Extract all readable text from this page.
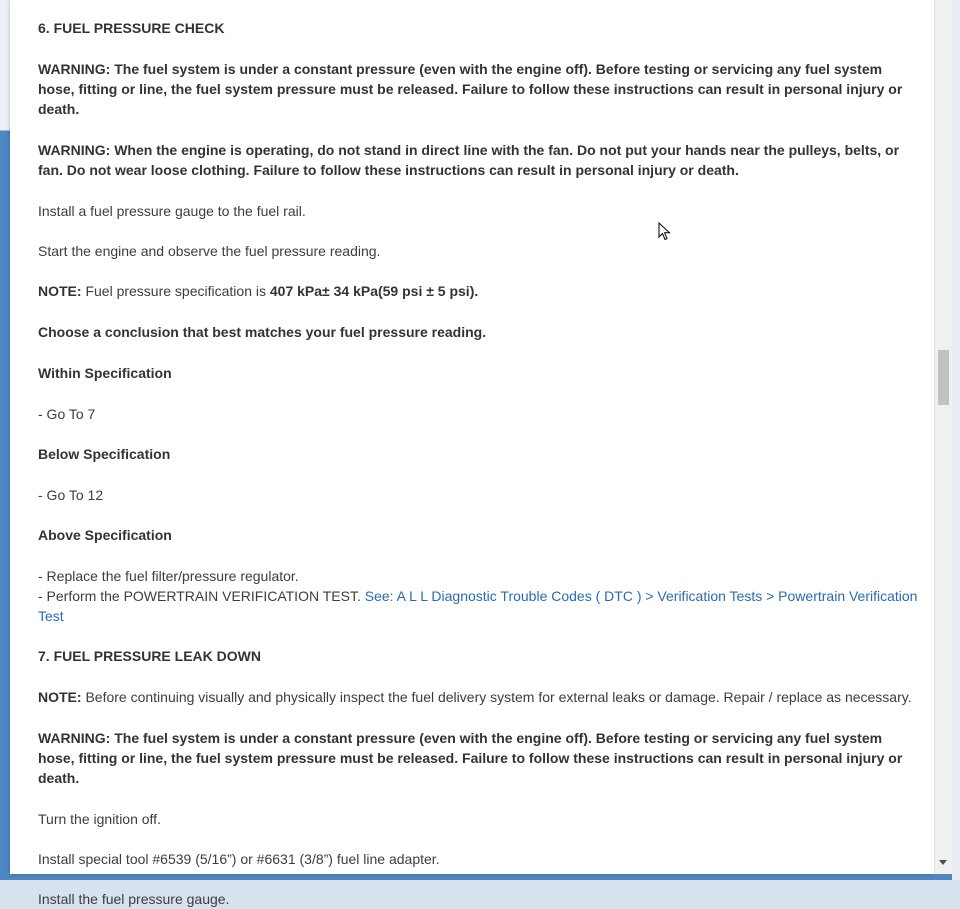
6. FUEL PRESSURE CHECK

WARNING: The fuel system is under a constant pressure (even with the engine off). Before testing or servicing any fuel system hose, fitting or line, the fuel system pressure must be released. Failure to follow these instructions can result in personal injury or death.

WARNING: When the engine is operating, do not stand in direct line with the fan. Do not put your hands near the pulleys, belts, or fan. Do not wear loose clothing. Failure to follow these instructions can result in personal injury or death.

Install a fuel pressure gauge to the fuel rail.

Start the engine and observe the fuel pressure reading.

NOTE: Fuel pressure specification is 407 kPa± 34 kPa(59 psi ± 5 psi).

Choose a conclusion that best matches your fuel pressure reading.

Within Specification

- Go To 7

Below Specification

- Go To 12

Above Specification

- Replace the fuel filter/pressure regulator.

- Perform the POWERTRAIN VERIFICATION TEST. See: A L L Diagnostic Trouble Codes ( DTC ) > Verification Tests > Powertrain Verification Test

7. FUEL PRESSURE LEAK DOWN

NOTE: Before continuing visually and physically inspect the fuel delivery system for external leaks or damage. Repair / replace as necessary.

WARNING: The fuel system is under a constant pressure (even with the engine off). Before testing or servicing any fuel system hose, fitting or line, the fuel system pressure must be released. Failure to follow these instructions can result in personal injury or death.

Turn the ignition off.

Install special tool #6539 (5/16”) or #6631 (3/8”) fuel line adapter.

Install the fuel pressure gauge.
